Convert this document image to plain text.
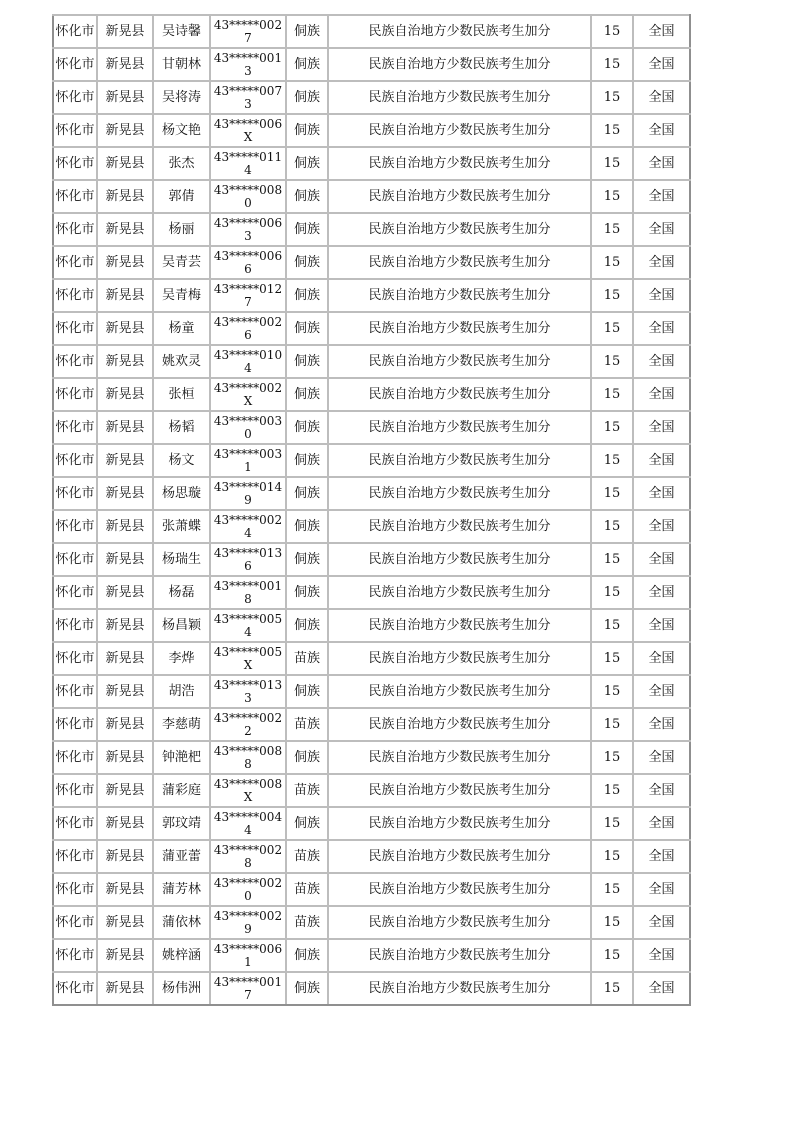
怀化市	新晃县	吴诗馨	43*****0027	侗族	民族自治地方少数民族考生加分	15	全国
怀化市	新晃县	甘朝林	43*****0013	侗族	民族自治地方少数民族考生加分	15	全国
怀化市	新晃县	吴将涛	43*****0073	侗族	民族自治地方少数民族考生加分	15	全国
怀化市	新晃县	杨文艳	43*****006X	侗族	民族自治地方少数民族考生加分	15	全国
怀化市	新晃县	张杰	43*****0114	侗族	民族自治地方少数民族考生加分	15	全国
怀化市	新晃县	郭倩	43*****0080	侗族	民族自治地方少数民族考生加分	15	全国
怀化市	新晃县	杨丽	43*****0063	侗族	民族自治地方少数民族考生加分	15	全国
怀化市	新晃县	吴青芸	43*****0066	侗族	民族自治地方少数民族考生加分	15	全国
怀化市	新晃县	吴青梅	43*****0127	侗族	民族自治地方少数民族考生加分	15	全国
怀化市	新晃县	杨童	43*****0026	侗族	民族自治地方少数民族考生加分	15	全国
怀化市	新晃县	姚欢灵	43*****0104	侗族	民族自治地方少数民族考生加分	15	全国
怀化市	新晃县	张桓	43*****002X	侗族	民族自治地方少数民族考生加分	15	全国
怀化市	新晃县	杨韬	43*****0030	侗族	民族自治地方少数民族考生加分	15	全国
怀化市	新晃县	杨文	43*****0031	侗族	民族自治地方少数民族考生加分	15	全国
怀化市	新晃县	杨思璇	43*****0149	侗族	民族自治地方少数民族考生加分	15	全国
怀化市	新晃县	张萧蝶	43*****0024	侗族	民族自治地方少数民族考生加分	15	全国
怀化市	新晃县	杨瑞生	43*****0136	侗族	民族自治地方少数民族考生加分	15	全国
怀化市	新晃县	杨磊	43*****0018	侗族	民族自治地方少数民族考生加分	15	全国
怀化市	新晃县	杨昌颖	43*****0054	侗族	民族自治地方少数民族考生加分	15	全国
怀化市	新晃县	李烨	43*****005X	苗族	民族自治地方少数民族考生加分	15	全国
怀化市	新晃县	胡浩	43*****0133	侗族	民族自治地方少数民族考生加分	15	全国
怀化市	新晃县	李慈萌	43*****0022	苗族	民族自治地方少数民族考生加分	15	全国
怀化市	新晃县	钟滟杷	43*****0088	侗族	民族自治地方少数民族考生加分	15	全国
怀化市	新晃县	蒲彩庭	43*****008X	苗族	民族自治地方少数民族考生加分	15	全国
怀化市	新晃县	郭玟靖	43*****0044	侗族	民族自治地方少数民族考生加分	15	全国
怀化市	新晃县	蒲亚蕾	43*****0028	苗族	民族自治地方少数民族考生加分	15	全国
怀化市	新晃县	蒲芳林	43*****0020	苗族	民族自治地方少数民族考生加分	15	全国
怀化市	新晃县	蒲依林	43*****0029	苗族	民族自治地方少数民族考生加分	15	全国
怀化市	新晃县	姚梓涵	43*****0061	侗族	民族自治地方少数民族考生加分	15	全国
怀化市	新晃县	杨伟洲	43*****0017	侗族	民族自治地方少数民族考生加分	15	全国
